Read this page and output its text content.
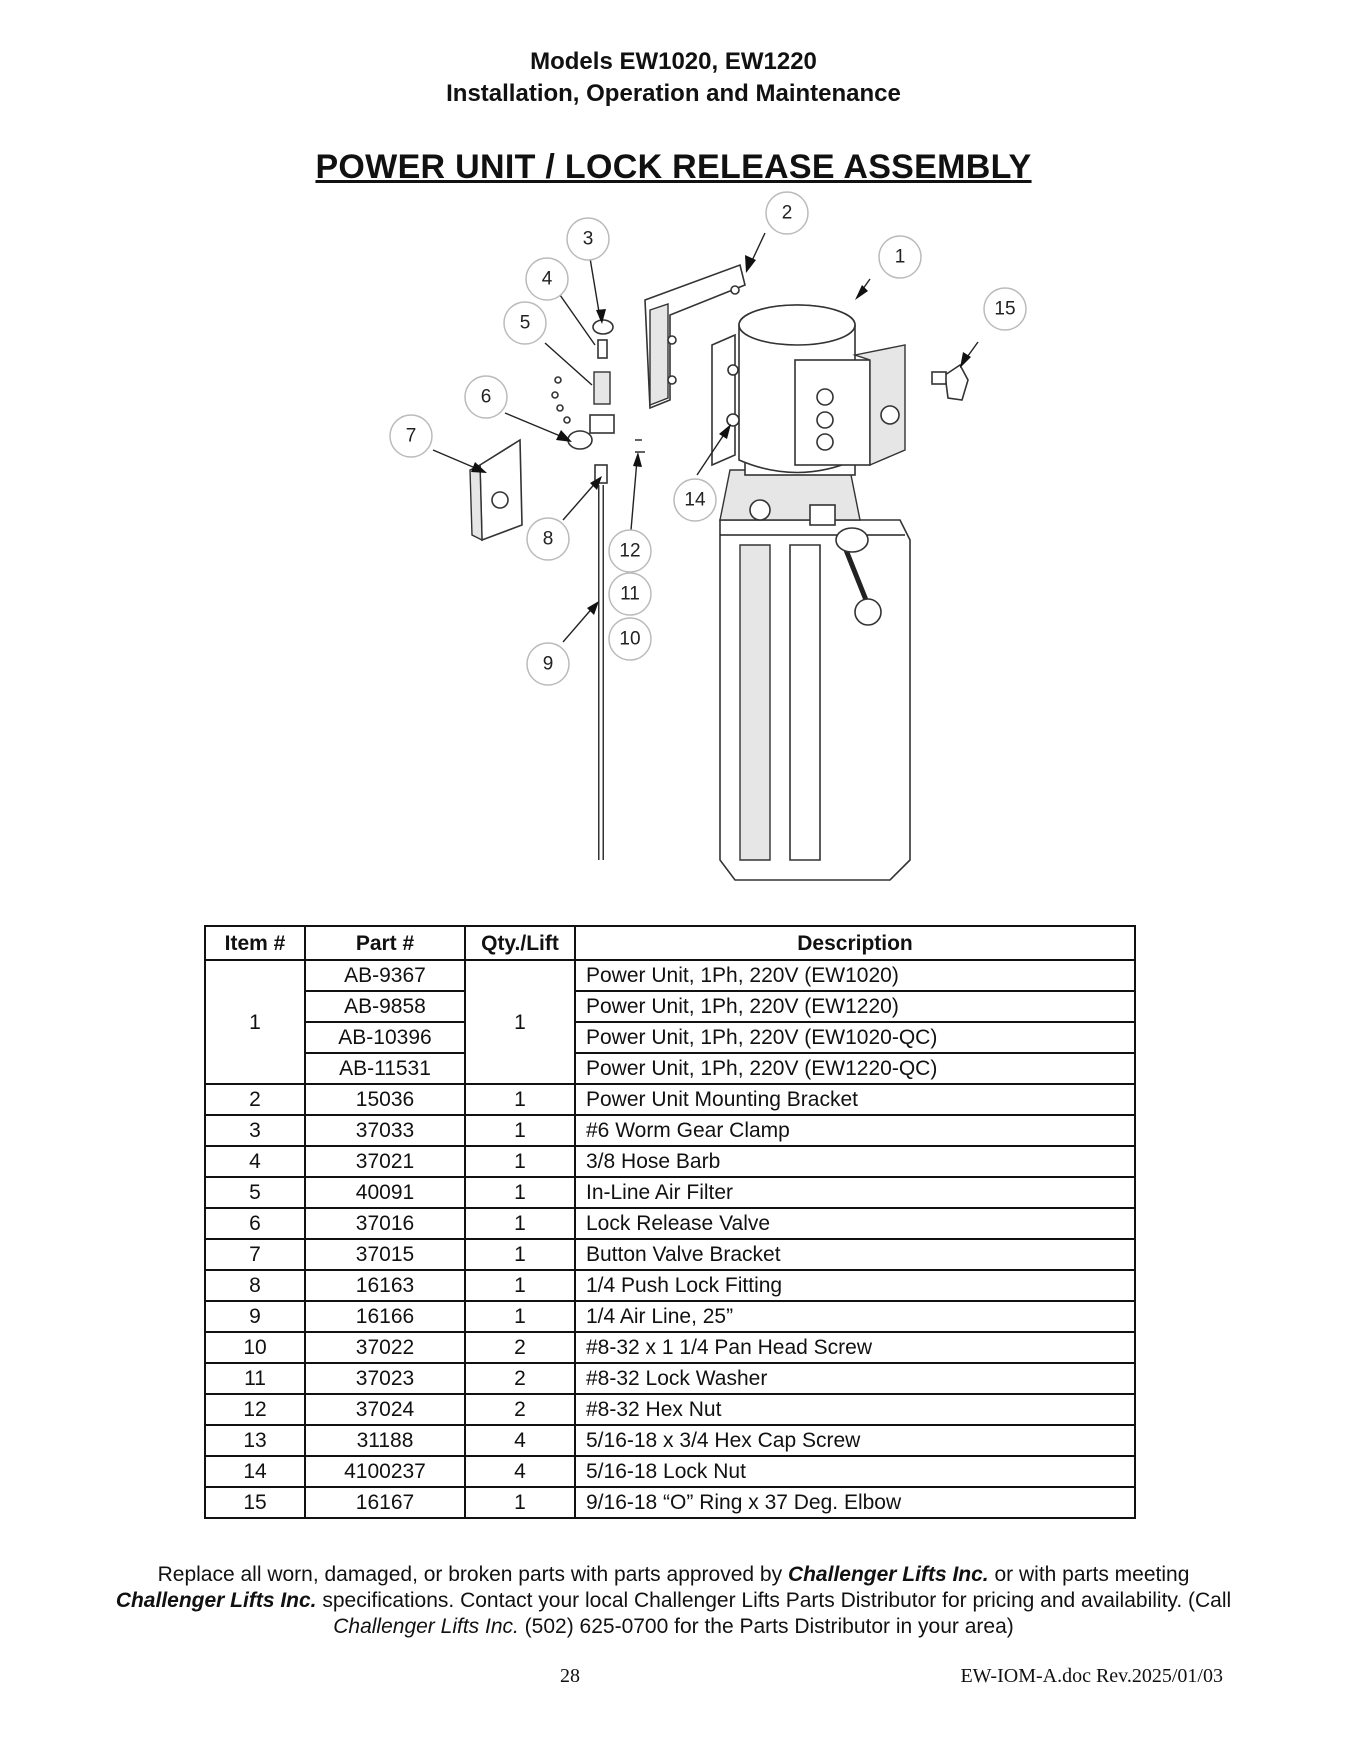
Models EW1020, EW1220
Installation, Operation and Maintenance
POWER UNIT / LOCK RELEASE ASSEMBLY
1
2
3
4
5
6
7
8
9
10
11
12
14
15
Item #	Part #	Qty./Lift	Description
1	AB-9367	1	Power Unit, 1Ph, 220V (EW1020)
	AB-9858		Power Unit, 1Ph, 220V (EW1220)
	AB-10396		Power Unit, 1Ph, 220V (EW1020-QC)
	AB-11531		Power Unit, 1Ph, 220V (EW1220-QC)
2	15036	1	Power Unit Mounting Bracket
3	37033	1	#6 Worm Gear Clamp
4	37021	1	3/8 Hose Barb
5	40091	1	In-Line Air Filter
6	37016	1	Lock Release Valve
7	37015	1	Button Valve Bracket
8	16163	1	1/4 Push Lock Fitting
9	16166	1	1/4 Air Line, 25”
10	37022	2	#8-32 x 1 1/4 Pan Head Screw
11	37023	2	#8-32 Lock Washer
12	37024	2	#8-32 Hex Nut
13	31188	4	5/16-18 x 3/4 Hex Cap Screw
14	4100237	4	5/16-18 Lock Nut
15	16167	1	9/16-18 “O” Ring x 37 Deg. Elbow
Replace all worn, damaged, or broken parts with parts approved by Challenger Lifts Inc. or with parts meeting
Challenger Lifts Inc. specifications. Contact your local Challenger Lifts Parts Distributor for pricing and availability. (Call
Challenger Lifts Inc. (502) 625-0700 for the Parts Distributor in your area)
28	EW-IOM-A.doc Rev.2025/01/03
